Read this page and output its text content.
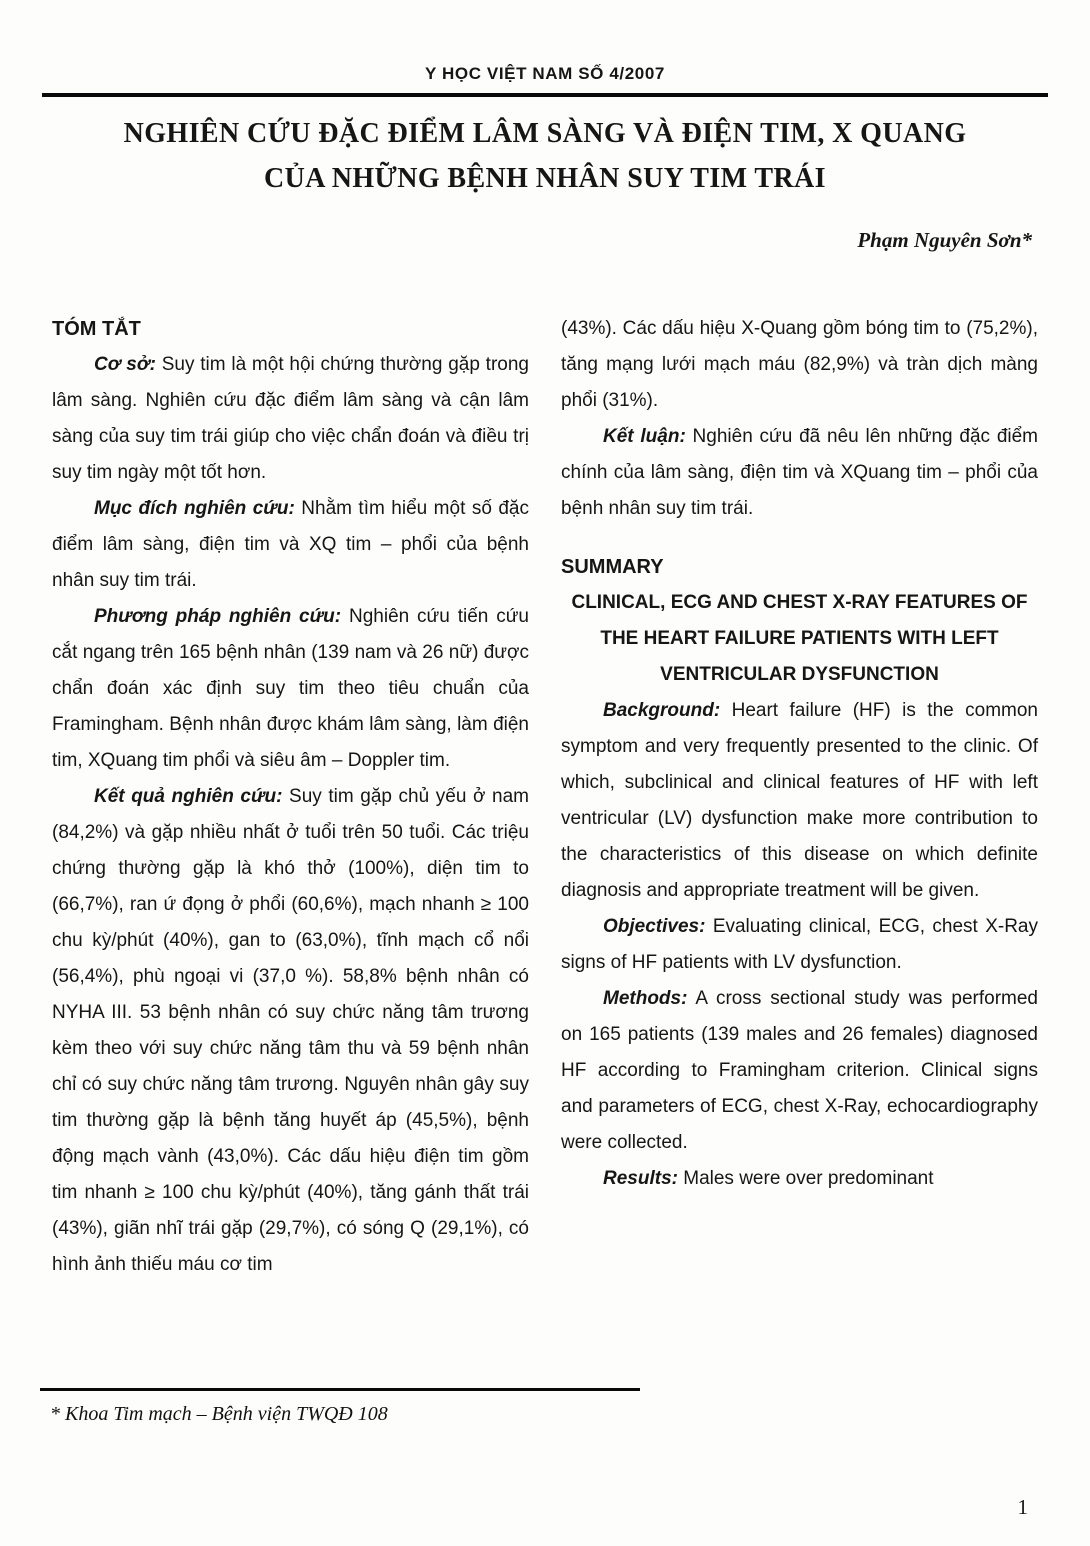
Y HỌC VIỆT NAM SỐ 4/2007
NGHIÊN CỨU ĐẶC ĐIỂM LÂM SÀNG VÀ ĐIỆN TIM, X QUANG
CỦA NHỮNG BỆNH NHÂN SUY TIM TRÁI
Phạm Nguyên Sơn*
TÓM TẮT

Cơ sở: Suy tim là một hội chứng thường gặp trong lâm sàng. Nghiên cứu đặc điểm lâm sàng và cận lâm sàng của suy tim trái giúp cho việc chẩn đoán và điều trị suy tim ngày một tốt hơn.

Mục đích nghiên cứu: Nhằm tìm hiểu một số đặc điểm lâm sàng, điện tim và XQ tim – phổi của bệnh nhân suy tim trái.

Phương pháp nghiên cứu: Nghiên cứu tiến cứu cắt ngang trên 165 bệnh nhân (139 nam và 26 nữ) được chẩn đoán xác định suy tim theo tiêu chuẩn của Framingham. Bệnh nhân được khám lâm sàng, làm điện tim, XQuang tim phổi và siêu âm – Doppler tim.

Kết quả nghiên cứu: Suy tim gặp chủ yếu ở nam (84,2%) và gặp nhiều nhất ở tuổi trên 50 tuổi. Các triệu chứng thường gặp là khó thở (100%), diện tim to (66,7%), ran ứ đọng ở phổi (60,6%), mạch nhanh ≥ 100 chu kỳ/phút (40%), gan to (63,0%), tĩnh mạch cổ nổi (56,4%), phù ngoại vi (37,0 %). 58,8% bệnh nhân có NYHA III. 53 bệnh nhân có suy chức năng tâm trương kèm theo với suy chức năng tâm thu và 59 bệnh nhân chỉ có suy chức năng tâm trương. Nguyên nhân gây suy tim thường gặp là bệnh tăng huyết áp (45,5%), bệnh động mạch vành (43,0%). Các dấu hiệu điện tim gồm tim nhanh ≥ 100 chu kỳ/phút (40%), tăng gánh thất trái (43%), giãn nhĩ trái gặp (29,7%), có sóng Q (29,1%), có hình ảnh thiếu máu cơ tim

(43%). Các dấu hiệu X-Quang gồm bóng tim to (75,2%), tăng mạng lưới mạch máu (82,9%) và tràn dịch màng phổi (31%).

Kết luận: Nghiên cứu đã nêu lên những đặc điểm chính của lâm sàng, điện tim và XQuang tim – phổi của bệnh nhân suy tim trái.

SUMMARY

CLINICAL, ECG AND CHEST X-RAY FEATURES OF THE HEART FAILURE PATIENTS WITH LEFT VENTRICULAR DYSFUNCTION

Background: Heart failure (HF) is the common symptom and very frequently presented to the clinic. Of which, subclinical and clinical features of HF with left ventricular (LV) dysfunction make more contribution to the characteristics of this disease on which definite diagnosis and appropriate treatment will be given.

Objectives: Evaluating clinical, ECG, chest X-Ray signs of HF patients with LV dysfunction.

Methods: A cross sectional study was performed on 165 patients (139 males and 26 females) diagnosed HF according to Framingham criterion. Clinical signs and parameters of ECG, chest X-Ray, echocardiography were collected.

Results: Males were over predominant

* Khoa Tim mạch – Bệnh viện TWQĐ 108
1
